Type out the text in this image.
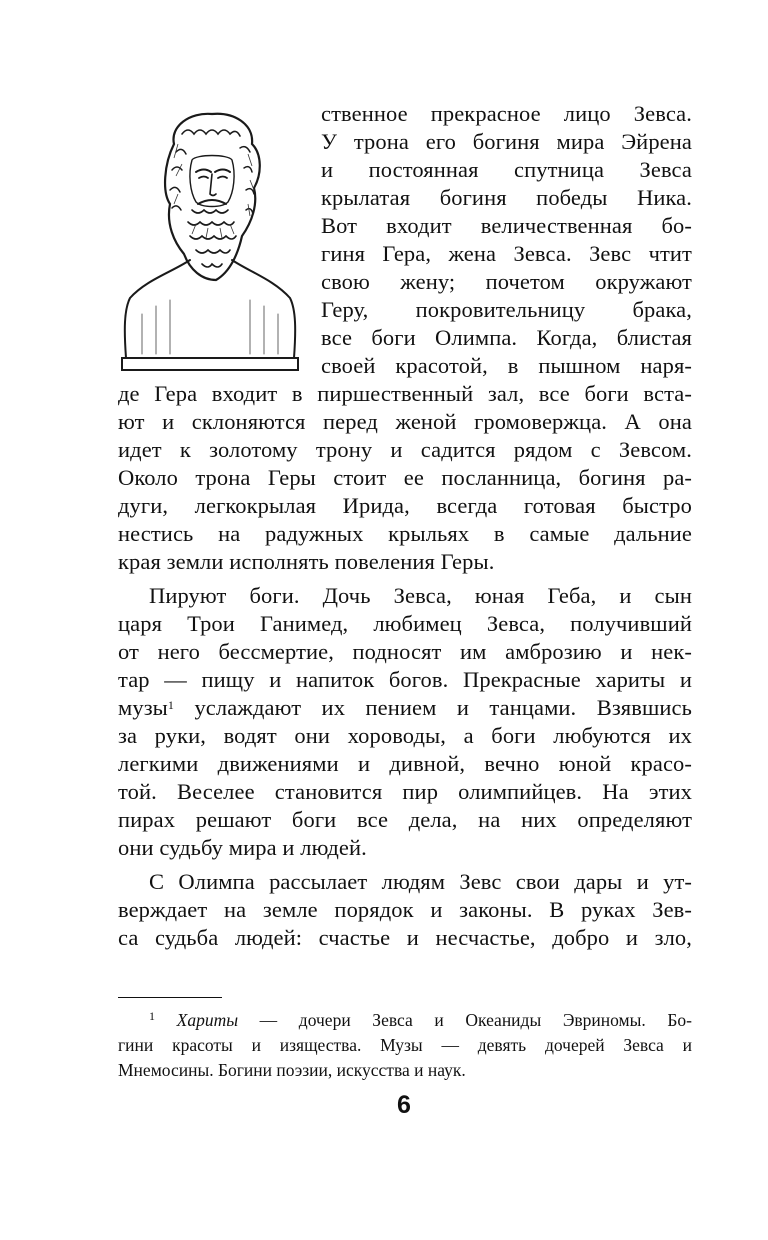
ственное прекрасное лицо Зевса.
У трона его богиня мира Эйрена
и постоянная спутница Зевса
крылатая богиня победы Ника.
Вот входит величественная бо-
гиня Гера, жена Зевса. Зевс чтит
свою жену; почетом окружают
Геру, покровительницу брака,
все боги Олимпа. Когда, блистая
своей красотой, в пышном наря-
де Гера входит в пиршественный зал, все боги вста-
ют и склоняются перед женой громовержца. А она
идет к золотому трону и садится рядом с Зевсом.
Около трона Геры стоит ее посланница, богиня ра-
дуги, легкокрылая Ирида, всегда готовая быстро
нестись на радужных крыльях в самые дальние
края земли исполнять повеления Геры.
Пируют боги. Дочь Зевса, юная Геба, и сын
царя Трои Ганимед, любимец Зевса, получивший
от него бессмертие, подносят им амброзию и нек-
тар — пищу и напиток богов. Прекрасные хариты и
музы$^1$ услаждают их пением и танцами. Взявшись
за руки, водят они хороводы, а боги любуются их
легкими движениями и дивной, вечно юной красо-
той. Веселее становится пир олимпийцев. На этих
пирах решают боги все дела, на них определяют
они судьбу мира и людей.
С Олимпа рассылает людям Зевс свои дары и ут-
верждает на земле порядок и законы. В руках Зев-
са судьба людей: счастье и несчастье, добро и зло,
$^1$ Хариты — дочери Зевса и Океаниды Эвриномы. Бо-
гини красоты и изящества. Музы — девять дочерей Зевса и
Мнемосины. Богини поэзии, искусства и наук.
6
